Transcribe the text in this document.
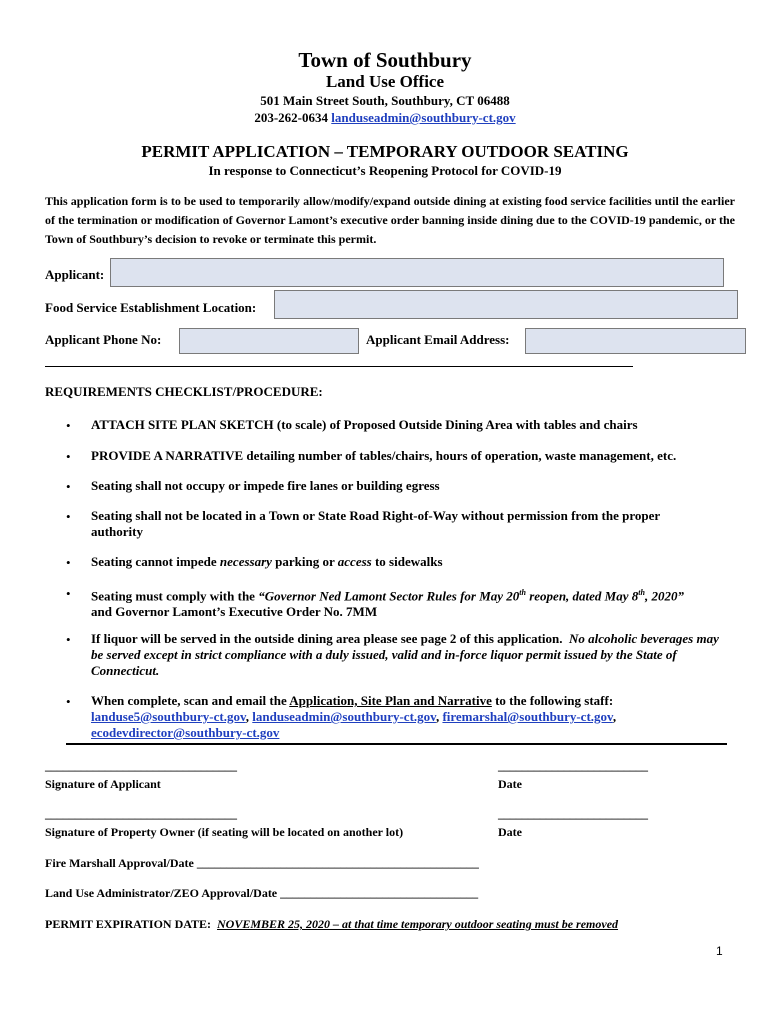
Town of Southbury
Land Use Office
501 Main Street South, Southbury, CT 06488
203-262-0634 landuseadmin@southbury-ct.gov
PERMIT APPLICATION – TEMPORARY OUTDOOR SEATING
In response to Connecticut’s Reopening Protocol for COVID-19
This application form is to be used to temporarily allow/modify/expand outside dining at existing food service facilities until the earlier of the termination or modification of Governor Lamont’s executive order banning inside dining due to the COVID-19 pandemic, or the Town of Southbury’s decision to revoke or terminate this permit.
Applicant:
Food Service Establishment Location:
Applicant Phone No:	Applicant Email Address:
REQUIREMENTS CHECKLIST/PROCEDURE:
• ATTACH SITE PLAN SKETCH (to scale) of Proposed Outside Dining Area with tables and chairs
• PROVIDE A NARRATIVE detailing number of tables/chairs, hours of operation, waste management, etc.
• Seating shall not occupy or impede fire lanes or building egress
• Seating shall not be located in a Town or State Road Right-of-Way without permission from the proper authority
• Seating cannot impede necessary parking or access to sidewalks
• Seating must comply with the “Governor Ned Lamont Sector Rules for May 20th reopen, dated May 8th, 2020”
and Governor Lamont’s Executive Order No. 7MM
• If liquor will be served in the outside dining area please see page 2 of this application. No alcoholic beverages may be served except in strict compliance with a duly issued, valid and in-force liquor permit issued by the State of Connecticut.
• When complete, scan and email the Application, Site Plan and Narrative to the following staff:
landuse5@southbury-ct.gov, landuseadmin@southbury-ct.gov, firemarshal@southbury-ct.gov,
ecodevdirector@southbury-ct.gov
________________________________
Signature of Applicant
_________________________
Date
________________________________
Signature of Property Owner (if seating will be located on another lot)
_________________________
Date
Fire Marshall Approval/Date _______________________________________________
Land Use Administrator/ZEO Approval/Date _________________________________
PERMIT EXPIRATION DATE: NOVEMBER 25, 2020 – at that time temporary outdoor seating must be removed
1
